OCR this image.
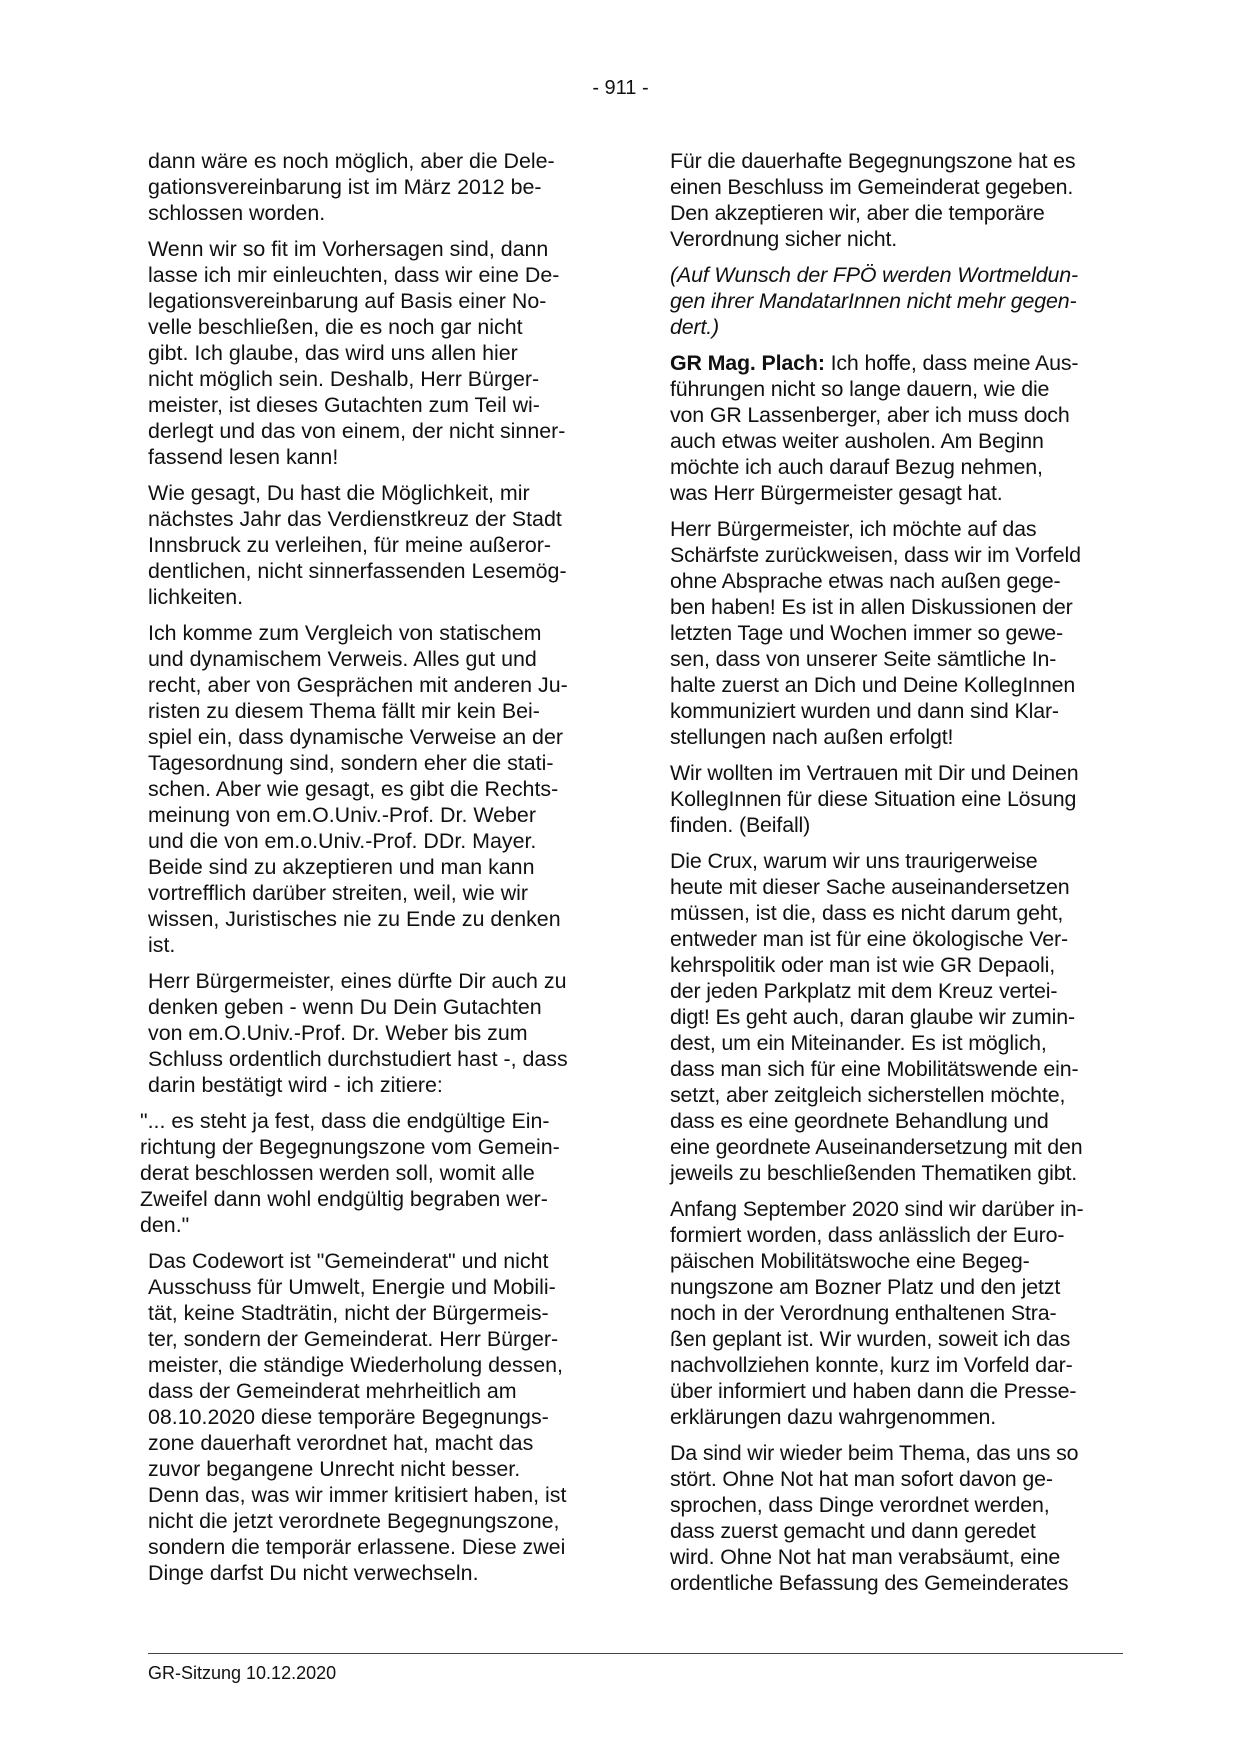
- 911 -

dann wäre es noch möglich, aber die Dele-
gationsvereinbarung ist im März 2012 be-
schlossen worden.

Wenn wir so fit im Vorhersagen sind, dann
lasse ich mir einleuchten, dass wir eine De-
legationsvereinbarung auf Basis einer No-
velle beschließen, die es noch gar nicht
gibt. Ich glaube, das wird uns allen hier
nicht möglich sein. Deshalb, Herr Bürger-
meister, ist dieses Gutachten zum Teil wi-
derlegt und das von einem, der nicht sinner-
fassend lesen kann!

Wie gesagt, Du hast die Möglichkeit, mir
nächstes Jahr das Verdienstkreuz der Stadt
Innsbruck zu verleihen, für meine außeror-
dentlichen, nicht sinnerfassenden Lesemög-
lichkeiten.

Ich komme zum Vergleich von statischem
und dynamischem Verweis. Alles gut und
recht, aber von Gesprächen mit anderen Ju-
risten zu diesem Thema fällt mir kein Bei-
spiel ein, dass dynamische Verweise an der
Tagesordnung sind, sondern eher die stati-
schen. Aber wie gesagt, es gibt die Rechts-
meinung von em.O.Univ.-Prof. Dr. Weber
und die von em.o.Univ.-Prof. DDr. Mayer.
Beide sind zu akzeptieren und man kann
vortrefflich darüber streiten, weil, wie wir
wissen, Juristisches nie zu Ende zu denken
ist.

Herr Bürgermeister, eines dürfte Dir auch zu
denken geben - wenn Du Dein Gutachten
von em.O.Univ.-Prof. Dr. Weber bis zum
Schluss ordentlich durchstudiert hast -, dass
darin bestätigt wird - ich zitiere:

"... es steht ja fest, dass die endgültige Ein-
richtung der Begegnungszone vom Gemein-
derat beschlossen werden soll, womit alle
Zweifel dann wohl endgültig begraben wer-
den."

Das Codewort ist "Gemeinderat" und nicht
Ausschuss für Umwelt, Energie und Mobili-
tät, keine Stadträtin, nicht der Bürgermeis-
ter, sondern der Gemeinderat. Herr Bürger-
meister, die ständige Wiederholung dessen,
dass der Gemeinderat mehrheitlich am
08.10.2020 diese temporäre Begegnungs-
zone dauerhaft verordnet hat, macht das
zuvor begangene Unrecht nicht besser.
Denn das, was wir immer kritisiert haben, ist
nicht die jetzt verordnete Begegnungszone,
sondern die temporär erlassene. Diese zwei
Dinge darfst Du nicht verwechseln.

Für die dauerhafte Begegnungszone hat es
einen Beschluss im Gemeinderat gegeben.
Den akzeptieren wir, aber die temporäre
Verordnung sicher nicht.

(Auf Wunsch der FPÖ werden Wortmeldun-
gen ihrer MandatarInnen nicht mehr gegen-
dert.)

GR Mag. Plach: Ich hoffe, dass meine Aus-
führungen nicht so lange dauern, wie die
von GR Lassenberger, aber ich muss doch
auch etwas weiter ausholen. Am Beginn
möchte ich auch darauf Bezug nehmen,
was Herr Bürgermeister gesagt hat.

Herr Bürgermeister, ich möchte auf das
Schärfste zurückweisen, dass wir im Vorfeld
ohne Absprache etwas nach außen gege-
ben haben! Es ist in allen Diskussionen der
letzten Tage und Wochen immer so gewe-
sen, dass von unserer Seite sämtliche In-
halte zuerst an Dich und Deine KollegInnen
kommuniziert wurden und dann sind Klar-
stellungen nach außen erfolgt!

Wir wollten im Vertrauen mit Dir und Deinen
KollegInnen für diese Situation eine Lösung
finden. (Beifall)

Die Crux, warum wir uns traurigerweise
heute mit dieser Sache auseinandersetzen
müssen, ist die, dass es nicht darum geht,
entweder man ist für eine ökologische Ver-
kehrspolitik oder man ist wie GR Depaoli,
der jeden Parkplatz mit dem Kreuz vertei-
digt! Es geht auch, daran glaube wir zumin-
dest, um ein Miteinander. Es ist möglich,
dass man sich für eine Mobilitätswende ein-
setzt, aber zeitgleich sicherstellen möchte,
dass es eine geordnete Behandlung und
eine geordnete Auseinandersetzung mit den
jeweils zu beschließenden Thematiken gibt.

Anfang September 2020 sind wir darüber in-
formiert worden, dass anlässlich der Euro-
päischen Mobilitätswoche eine Begeg-
nungszone am Bozner Platz und den jetzt
noch in der Verordnung enthaltenen Stra-
ßen geplant ist. Wir wurden, soweit ich das
nachvollziehen konnte, kurz im Vorfeld dar-
über informiert und haben dann die Presse-
erklärungen dazu wahrgenommen.

Da sind wir wieder beim Thema, das uns so
stört. Ohne Not hat man sofort davon ge-
sprochen, dass Dinge verordnet werden,
dass zuerst gemacht und dann geredet
wird. Ohne Not hat man verabsäumt, eine
ordentliche Befassung des Gemeinderates

GR-Sitzung 10.12.2020
